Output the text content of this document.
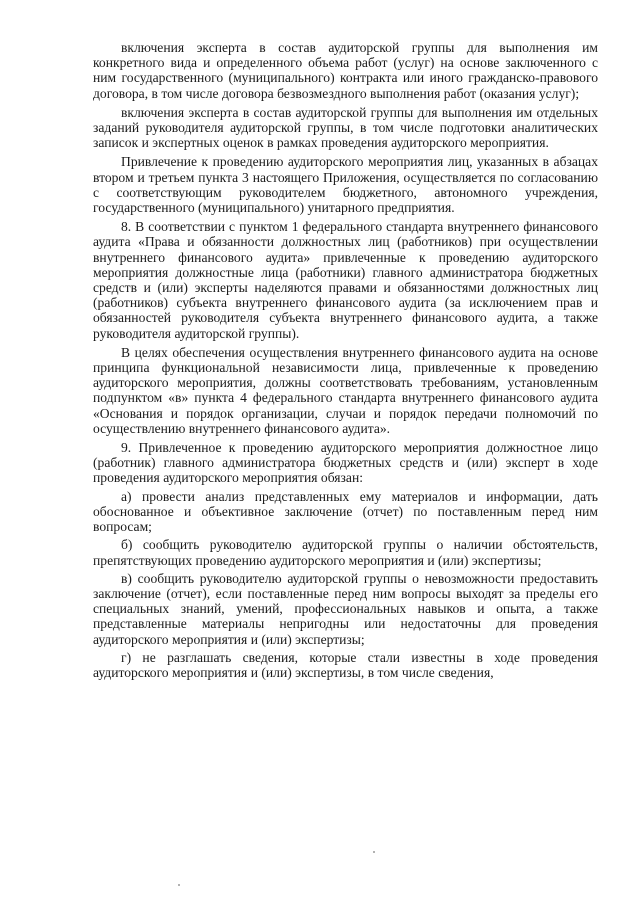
включения эксперта в состав аудиторской группы для выполнения им конкретного вида и определенного объема работ (услуг) на основе заключенного с ним государственного (муниципального) контракта или иного гражданско-правового договора, в том числе договора безвозмездного выполнения работ (оказания услуг);

включения эксперта в состав аудиторской группы для выполнения им отдельных заданий руководителя аудиторской группы, в том числе подготовки аналитических записок и экспертных оценок в рамках проведения аудиторского мероприятия.

Привлечение к проведению аудиторского мероприятия лиц, указанных в абзацах втором и третьем пункта 3 настоящего Приложения, осуществляется по согласованию с соответствующим руководителем бюджетного, автономного учреждения, государственного (муниципального) унитарного предприятия.

8. В соответствии с пунктом 1 федерального стандарта внутреннего финансового аудита «Права и обязанности должностных лиц (работников) при осуществлении внутреннего финансового аудита» привлеченные к проведению аудиторского мероприятия должностные лица (работники) главного администратора бюджетных средств и (или) эксперты наделяются правами и обязанностями должностных лиц (работников) субъекта внутреннего финансового аудита (за исключением прав и обязанностей руководителя субъекта внутреннего финансового аудита, а также руководителя аудиторской группы).

В целях обеспечения осуществления внутреннего финансового аудита на основе принципа функциональной независимости лица, привлеченные к проведению аудиторского мероприятия, должны соответствовать требованиям, установленным подпунктом «в» пункта 4 федерального стандарта внутреннего финансового аудита «Основания и порядок организации, случаи и порядок передачи полномочий по осуществлению внутреннего финансового аудита».

9. Привлеченное к проведению аудиторского мероприятия должностное лицо (работник) главного администратора бюджетных средств и (или) эксперт в ходе проведения аудиторского мероприятия обязан:

а) провести анализ представленных ему материалов и информации, дать обоснованное и объективное заключение (отчет) по поставленным перед ним вопросам;

б) сообщить руководителю аудиторской группы о наличии обстоятельств, препятствующих проведению аудиторского мероприятия и (или) экспертизы;

в) сообщить руководителю аудиторской группы о невозможности предоставить заключение (отчет), если поставленные перед ним вопросы выходят за пределы его специальных знаний, умений, профессиональных навыков и опыта, а также представленные материалы непригодны или недостаточны для проведения аудиторского мероприятия и (или) экспертизы;

г) не разглашать сведения, которые стали известны в ходе проведения аудиторского мероприятия и (или) экспертизы, в том числе сведения,
